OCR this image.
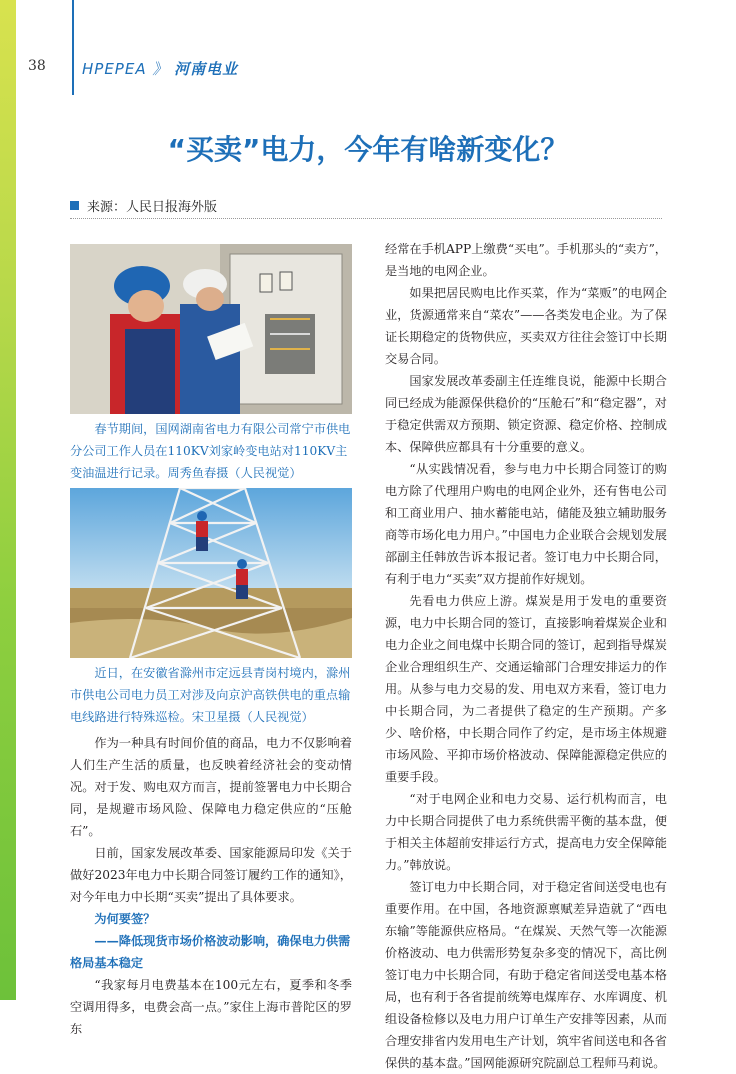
38 HPEPEA 》 河南电业
“买卖”电力，今年有啥新变化？
来源：人民日报海外版
春节期间，国网湖南省电力有限公司常宁市供电分公司工作人员在110KV刘家岭变电站对110KV主变油温进行记录。周秀鱼春摄（人民视觉）
近日，在安徽省滁州市定远县青岗村境内，滁州市供电公司电力员工对涉及向京沪高铁供电的重点输电线路进行特殊巡检。宋卫星摄（人民视觉）

作为一种具有时间价值的商品，电力不仅影响着人们生产生活的质量，也反映着经济社会的变动情况。对于发、购电双方而言，提前签署电力中长期合同，是规避市场风险、保障电力稳定供应的“压舱石”。

日前，国家发展改革委、国家能源局印发《关于做好2023年电力中长期合同签订履约工作的通知》，对今年电力中长期“买卖”提出了具体要求。

为何要签？
——降低现货市场价格波动影响，确保电力供需格局基本稳定

“我家每月电费基本在100元左右，夏季和冬季空调用得多，电费会高一点。”家住上海市普陀区的罗东

经常在手机APP上缴费“买电”。手机那头的“卖方”，是当地的电网企业。

如果把居民购电比作买菜，作为“菜贩”的电网企业，货源通常来自“菜农”——各类发电企业。为了保证长期稳定的货物供应，买卖双方往往会签订中长期交易合同。

国家发展改革委副主任连维良说，能源中长期合同已经成为能源保供稳价的“压舱石”和“稳定器”，对于稳定供需双方预期、锁定资源、稳定价格、控制成本、保障供应都具有十分重要的意义。

“从实践情况看，参与电力中长期合同签订的购电方除了代理用户购电的电网企业外，还有售电公司和工商业用户、抽水蓄能电站，储能及独立辅助服务商等市场化电力用户。”中国电力企业联合会规划发展部副主任韩放告诉本报记者。签订电力中长期合同，有利于电力“买卖”双方提前作好规划。

先看电力供应上游。煤炭是用于发电的重要资源，电力中长期合同的签订，直接影响着煤炭企业和电力企业之间电煤中长期合同的签订，起到指导煤炭企业合理组织生产、交通运输部门合理安排运力的作用。从参与电力交易的发、用电双方来看，签订电力中长期合同，为二者提供了稳定的生产预期。产多少、啥价格，中长期合同作了约定，是市场主体规避市场风险、平抑市场价格波动、保障能源稳定供应的重要手段。

“对于电网企业和电力交易、运行机构而言，电力中长期合同提供了电力系统供需平衡的基本盘，便于相关主体超前安排运行方式，提高电力安全保障能力。”韩放说。

签订电力中长期合同，对于稳定省间送受电也有重要作用。在中国，各地资源禀赋差异造就了“西电东输”等能源供应格局。“在煤炭、天然气等一次能源价格波动、电力供需形势复杂多变的情况下，高比例签订电力中长期合同，有助于稳定省间送受电基本格局，也有利于各省提前统筹电煤库存、水库调度、机组设备检修以及电力用户订单生产安排等因素，从而合理安排省内发用电生产计划，筑牢省间送电和各省保供的基本盘。”国网能源研究院副总工程师马莉说。
